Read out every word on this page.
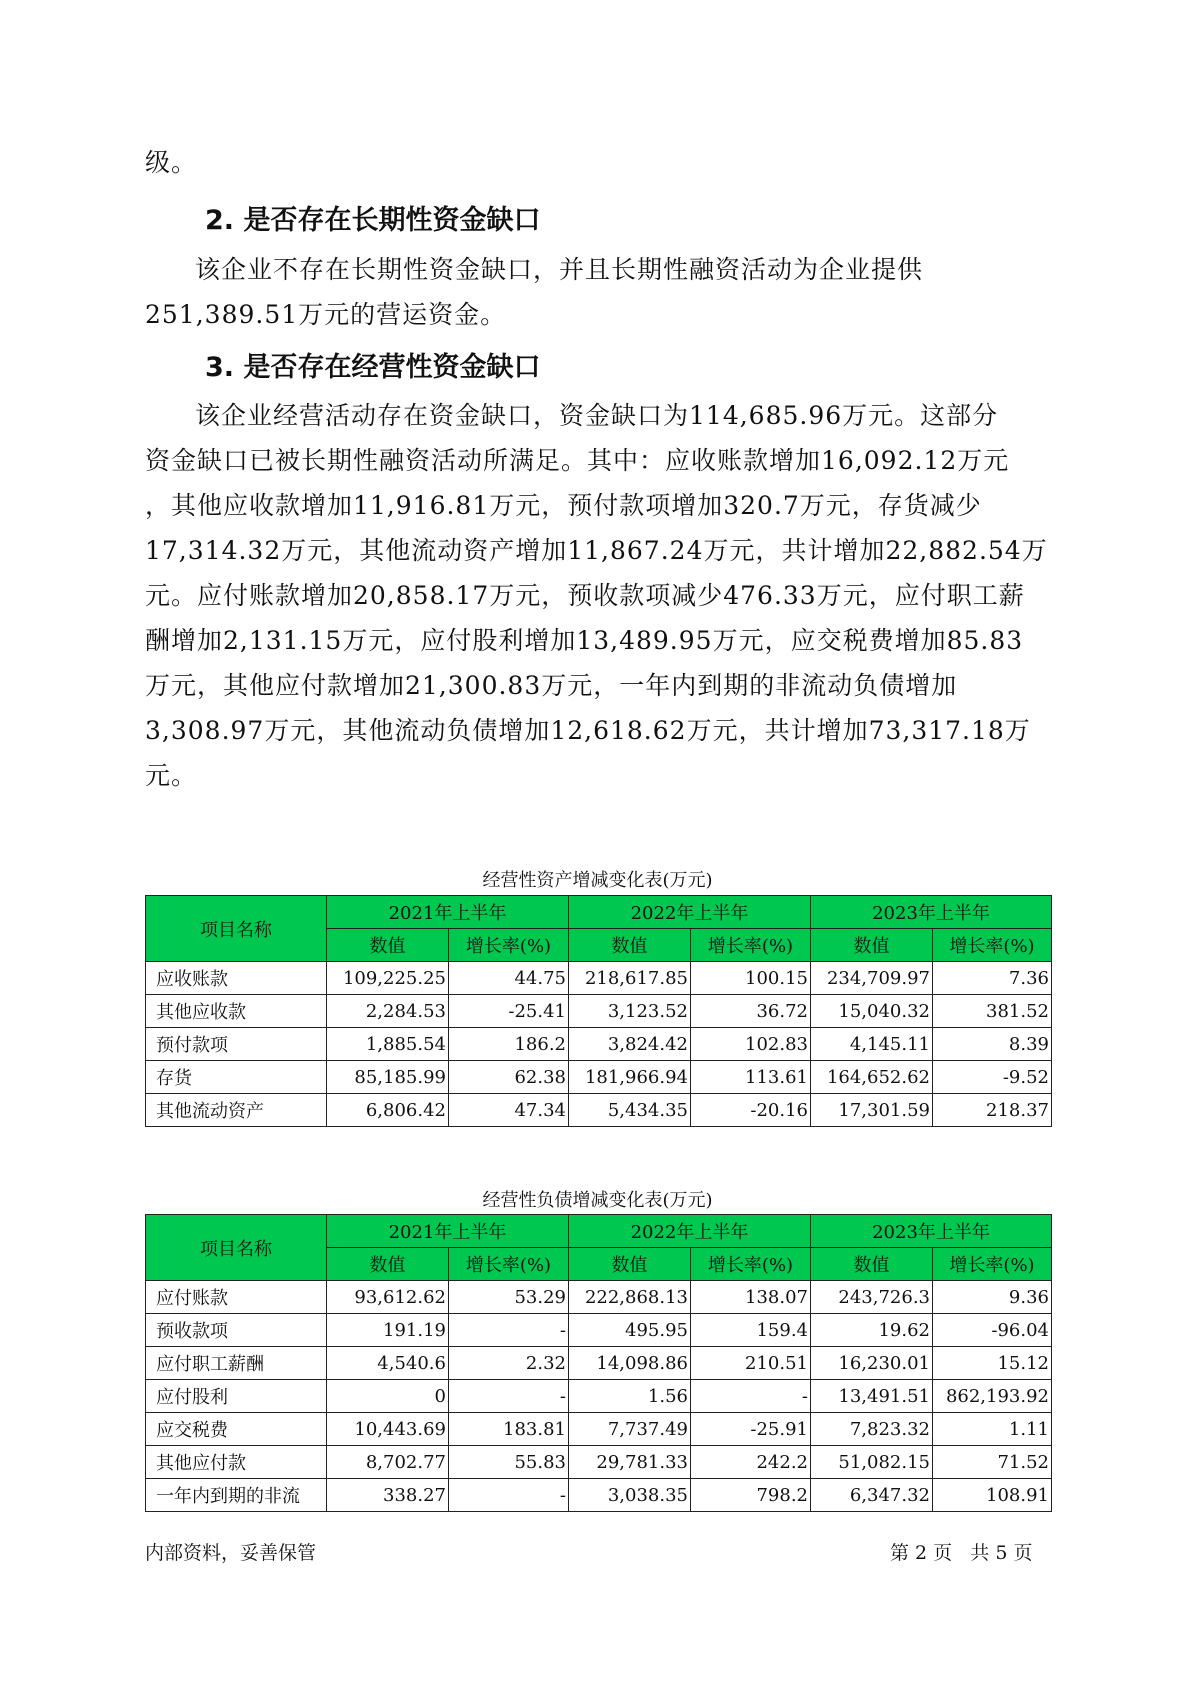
级。
2. 是否存在长期性资金缺口
该企业不存在长期性资金缺口，并且长期性融资活动为企业提供
251,389.51万元的营运资金。
3. 是否存在经营性资金缺口
该企业经营活动存在资金缺口，资金缺口为114,685.96万元。这部分
资金缺口已被长期性融资活动所满足。其中：应收账款增加16,092.12万元
，其他应收款增加11,916.81万元，预付款项增加320.7万元，存货减少
17,314.32万元，其他流动资产增加11,867.24万元，共计增加22,882.54万
元。应付账款增加20,858.17万元，预收款项减少476.33万元，应付职工薪
酬增加2,131.15万元，应付股利增加13,489.95万元，应交税费增加85.83
万元，其他应付款增加21,300.83万元，一年内到期的非流动负债增加
3,308.97万元，其他流动负债增加12,618.62万元，共计增加73,317.18万
元。
经营性资产增减变化表(万元)
项目名称	2021年上半年		2022年上半年		2023年上半年	
	数值	增长率(%)	数值	增长率(%)	数值	增长率(%)
应收账款	109,225.25	44.75	218,617.85	100.15	234,709.97	7.36
其他应收款	2,284.53	-25.41	3,123.52	36.72	15,040.32	381.52
预付款项	1,885.54	186.2	3,824.42	102.83	4,145.11	8.39
存货	85,185.99	62.38	181,966.94	113.61	164,652.62	-9.52
其他流动资产	6,806.42	47.34	5,434.35	-20.16	17,301.59	218.37
经营性负债增减变化表(万元)
项目名称	2021年上半年		2022年上半年		2023年上半年	
	数值	增长率(%)	数值	增长率(%)	数值	增长率(%)
应付账款	93,612.62	53.29	222,868.13	138.07	243,726.3	9.36
预收款项	191.19	-	495.95	159.4	19.62	-96.04
应付职工薪酬	4,540.6	2.32	14,098.86	210.51	16,230.01	15.12
应付股利	0	-	1.56	-	13,491.51	862,193.92
应交税费	10,443.69	183.81	7,737.49	-25.91	7,823.32	1.11
其他应付款	8,702.77	55.83	29,781.33	242.2	51,082.15	71.52
一年内到期的非流	338.27	-	3,038.35	798.2	6,347.32	108.91
内部资料，妥善保管	第 2 页   共 5 页
